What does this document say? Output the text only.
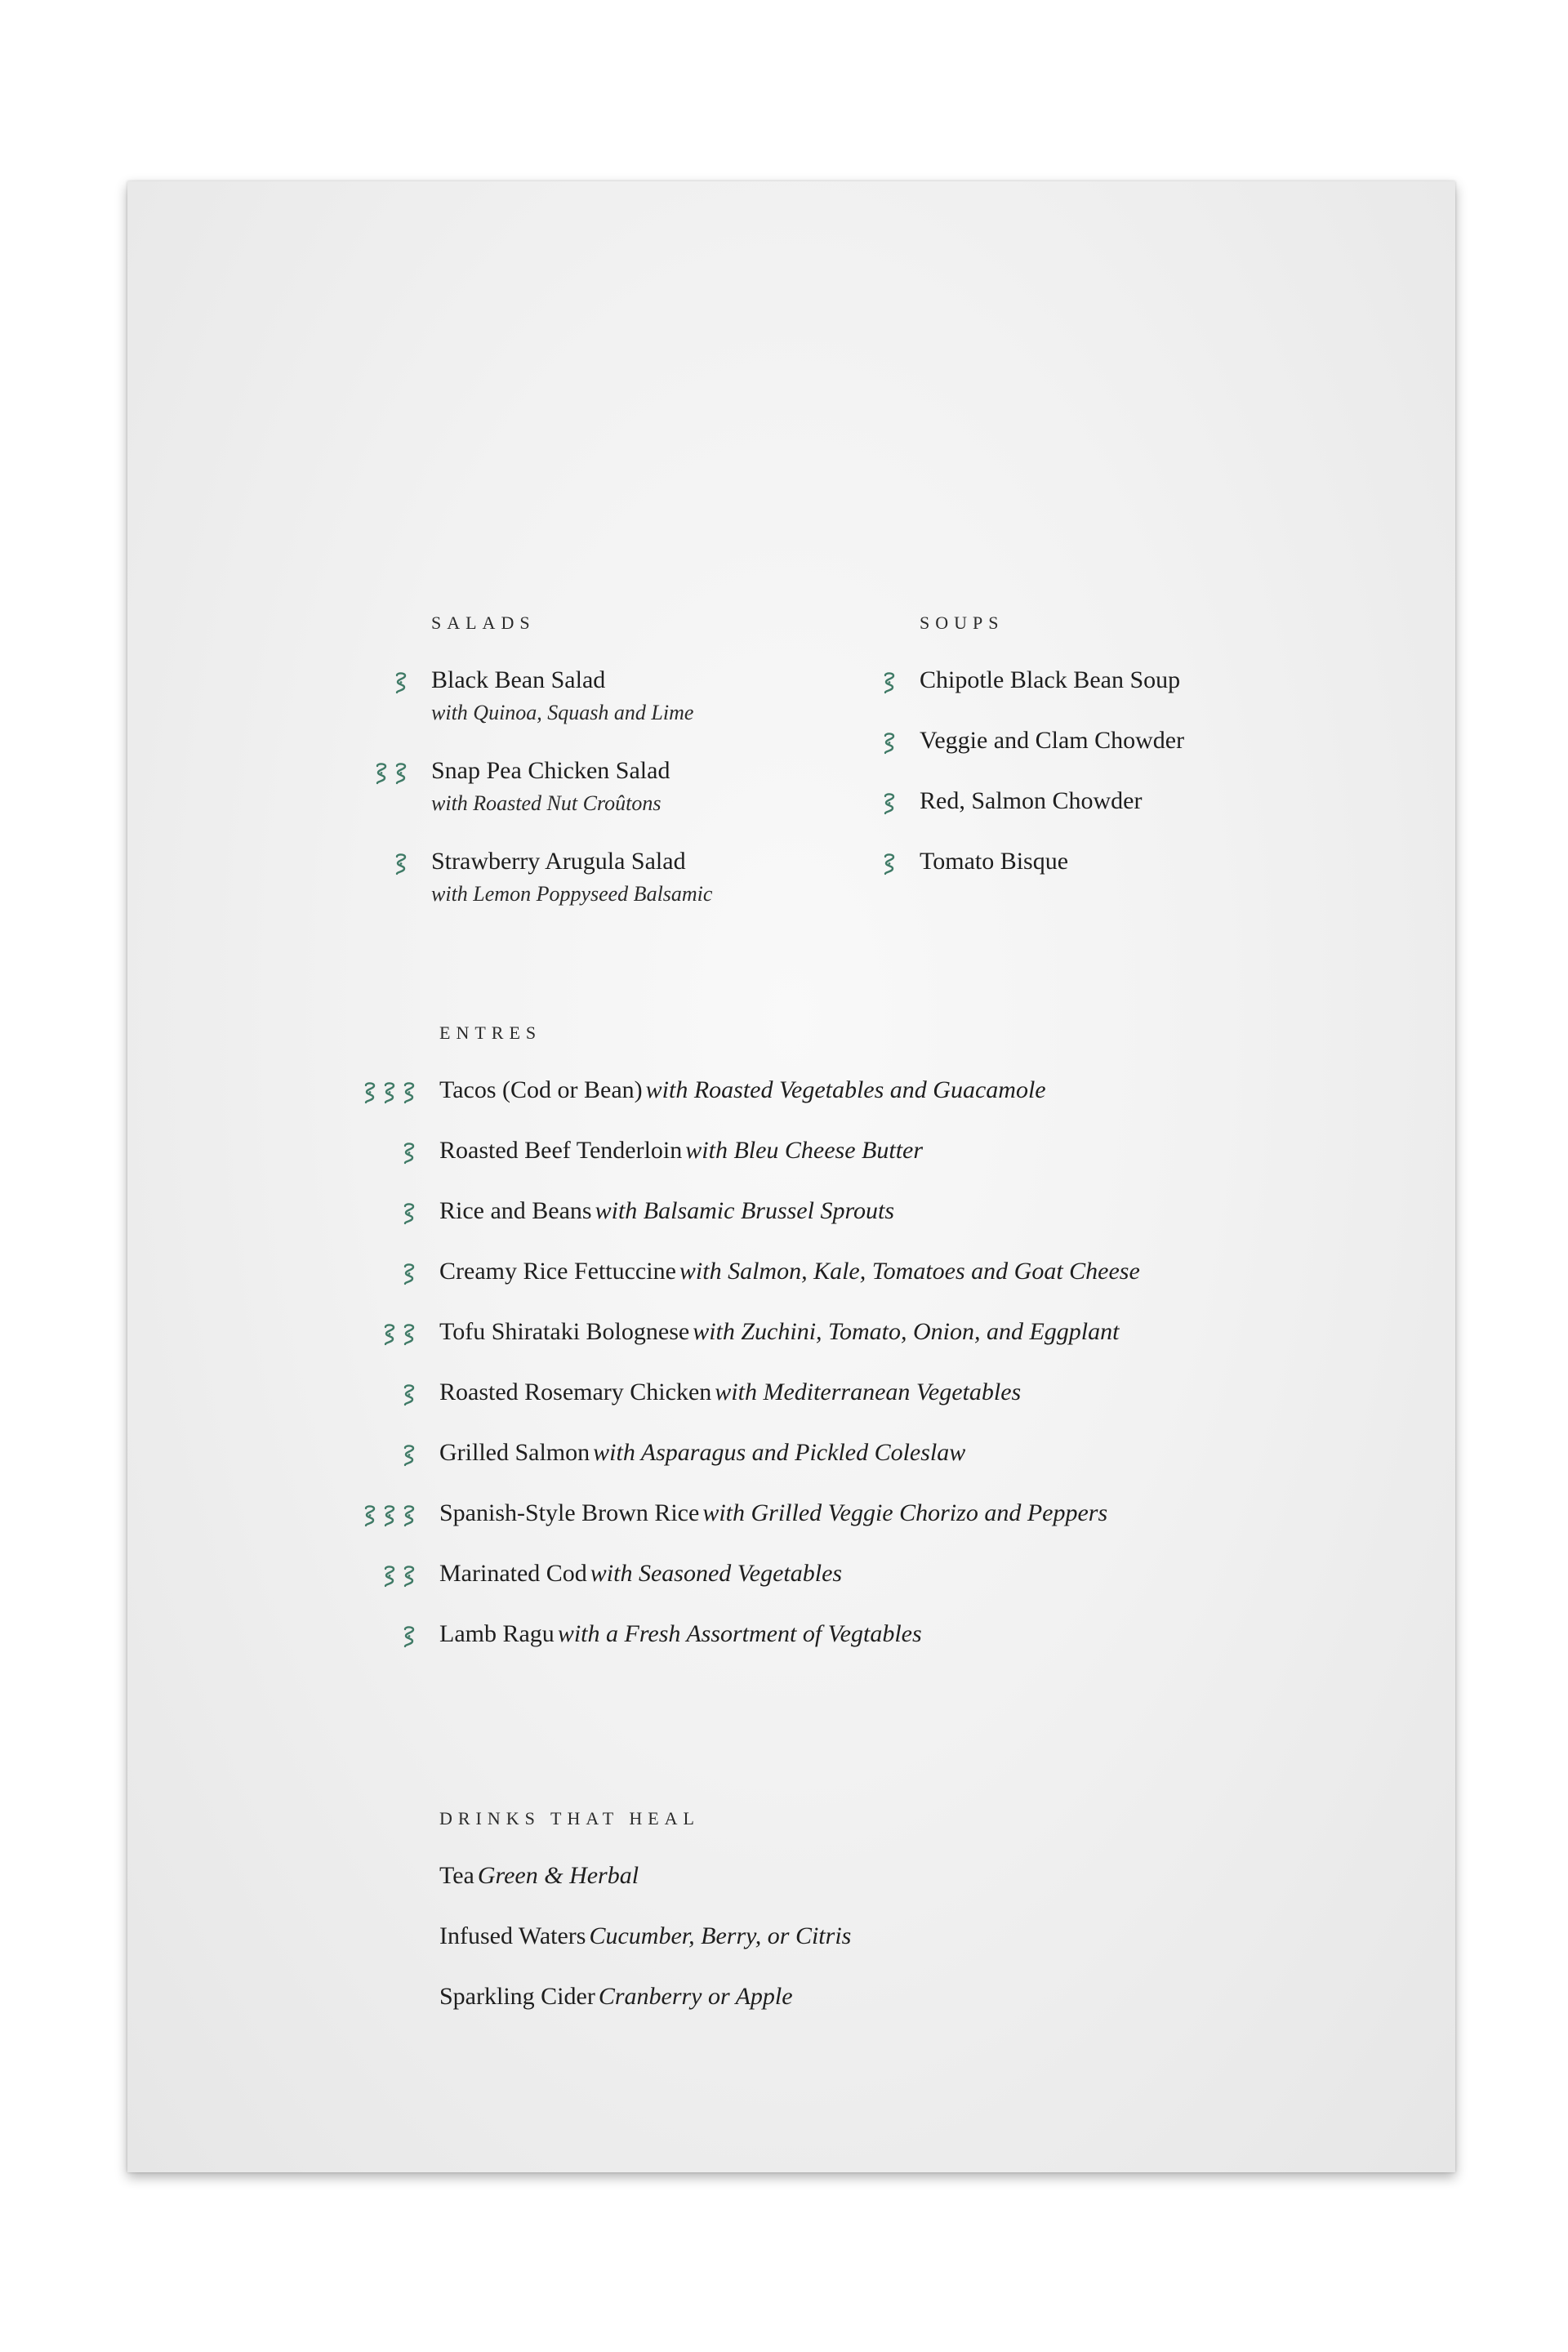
SALADS
Black Bean Salad
with Quinoa, Squash and Lime
Snap Pea Chicken Salad
with Roasted Nut Croûtons
Strawberry Arugula Salad
with Lemon Poppyseed Balsamic
SOUPS
Chipotle Black Bean Soup
Veggie and Clam Chowder
Red, Salmon Chowder
Tomato Bisque
ENTRES
Tacos (Cod or Bean) with Roasted Vegetables and Guacamole
Roasted Beef Tenderloin with Bleu Cheese Butter
Rice and Beans with Balsamic Brussel Sprouts
Creamy Rice Fettuccine with Salmon, Kale, Tomatoes and Goat Cheese
Tofu Shirataki Bolognese with Zuchini, Tomato, Onion, and Eggplant
Roasted Rosemary Chicken with Mediterranean Vegetables
Grilled Salmon with Asparagus and Pickled Coleslaw
Spanish-Style Brown Rice with Grilled Veggie Chorizo and Peppers
Marinated Cod with Seasoned Vegetables
Lamb Ragu with a Fresh Assortment of Vegtables
DRINKS THAT HEAL
Tea Green & Herbal
Infused Waters Cucumber, Berry, or Citris
Sparkling Cider Cranberry or Apple
